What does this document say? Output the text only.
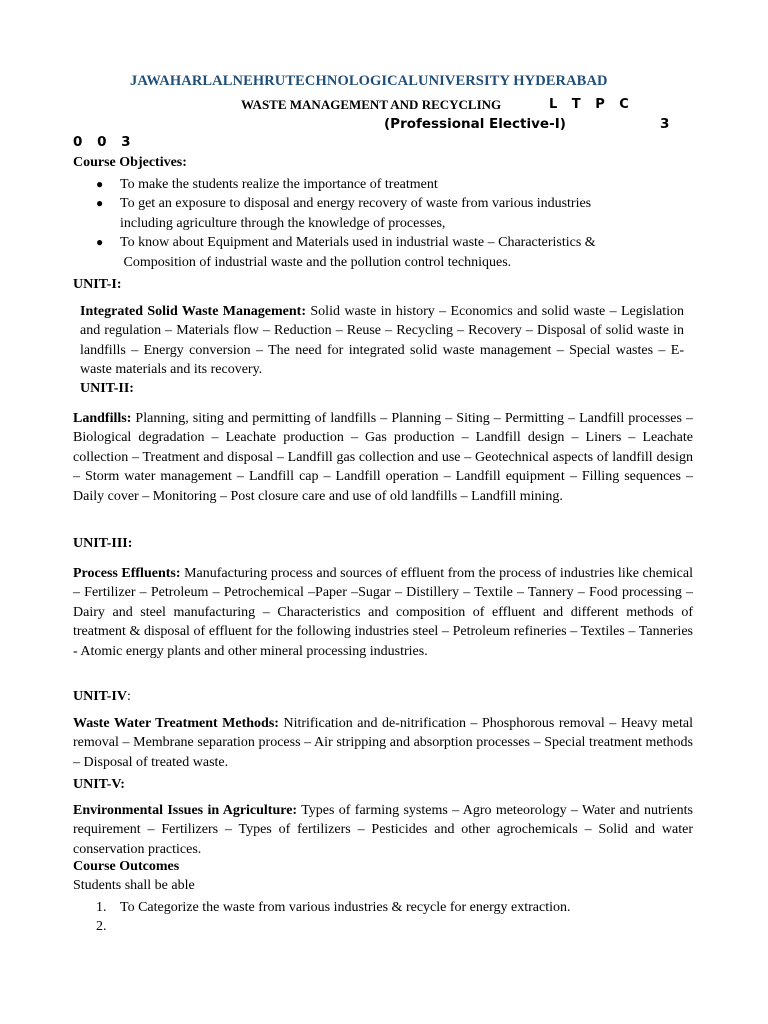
JAWAHARLALNEHRUTECHNOLOGICALUNIVERSITY HYDERABAD
WASTE MANAGEMENT AND RECYCLING	L T P C
(Professional Elective-I)	3
0 0 3
Course Objectives:
● To make the students realize the importance of treatment
● To get an exposure to disposal and energy recovery of waste from various industries
including agriculture through the knowledge of processes,
● To know about Equipment and Materials used in industrial waste – Characteristics &
Composition of industrial waste and the pollution control techniques.
UNIT-I:
Integrated Solid Waste Management: Solid waste in history – Economics and solid waste – Legislation and regulation – Materials flow – Reduction – Reuse – Recycling – Recovery – Disposal of solid waste in landfills – Energy conversion – The need for integrated solid waste management – Special wastes – E-waste materials and its recovery.
UNIT-II:
Landfills: Planning, siting and permitting of landfills – Planning – Siting – Permitting – Landfill processes – Biological degradation – Leachate production – Gas production – Landfill design – Liners – Leachate collection – Treatment and disposal – Landfill gas collection and use – Geotechnical aspects of landfill design – Storm water management – Landfill cap – Landfill operation – Landfill equipment – Filling sequences – Daily cover – Monitoring – Post closure care and use of old landfills – Landfill mining.
UNIT-III:
Process Effluents: Manufacturing process and sources of effluent from the process of industries like chemical – Fertilizer – Petroleum – Petrochemical –Paper –Sugar – Distillery – Textile – Tannery – Food processing – Dairy and steel manufacturing – Characteristics and composition of effluent and different methods of treatment & disposal of effluent for the following industries steel – Petroleum refineries – Textiles – Tanneries - Atomic energy plants and other mineral processing industries.
UNIT-IV:
Waste Water Treatment Methods: Nitrification and de-nitrification – Phosphorous removal – Heavy metal removal – Membrane separation process – Air stripping and absorption processes – Special treatment methods – Disposal of treated waste.
UNIT-V:
Environmental Issues in Agriculture: Types of farming systems – Agro meteorology – Water and nutrients requirement – Fertilizers – Types of fertilizers – Pesticides and other agrochemicals – Solid and water conservation practices.
Course Outcomes
Students shall be able
1. To Categorize the waste from various industries & recycle for energy extraction.
2.
